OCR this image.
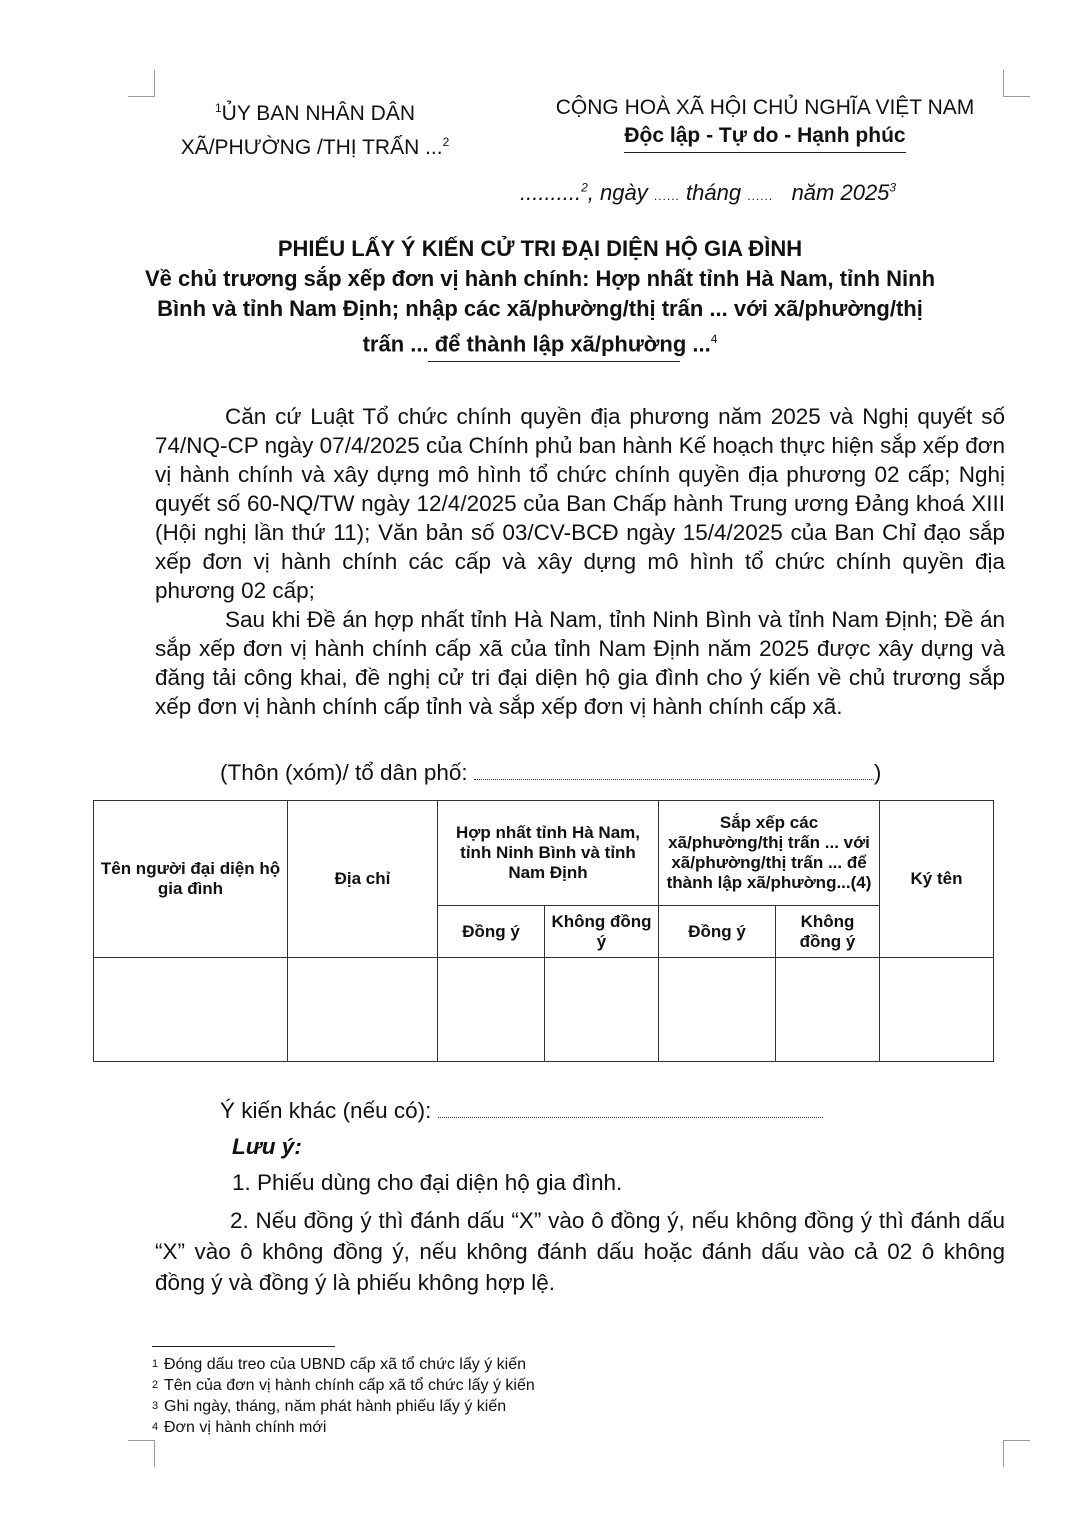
$^1$ỦY BAN NHÂN DÂN
XÃ/PHƯỜNG /THỊ TRẤN ...$^2$
CỘNG HOÀ XÃ HỘI CHỦ NGHĨA VIỆT NAM
Độc lập - Tự do - Hạnh phúc
..........$^2$, ngày ...... tháng ...... năm 2025$^3$
PHIẾU LẤY Ý KIẾN CỬ TRI ĐẠI DIỆN HỘ GIA ĐÌNH
Về chủ trương sắp xếp đơn vị hành chính: Hợp nhất tỉnh Hà Nam, tỉnh Ninh Bình và tỉnh Nam Định; nhập các xã/phường/thị trấn ... với xã/phường/thị trấn ... để thành lập xã/phường ...$^4$

Căn cứ Luật Tổ chức chính quyền địa phương năm 2025 và Nghị quyết số 74/NQ-CP ngày 07/4/2025 của Chính phủ ban hành Kế hoạch thực hiện sắp xếp đơn vị hành chính và xây dựng mô hình tổ chức chính quyền địa phương 02 cấp; Nghị quyết số 60-NQ/TW ngày 12/4/2025 của Ban Chấp hành Trung ương Đảng khoá XIII (Hội nghị lần thứ 11); Văn bản số 03/CV-BCĐ ngày 15/4/2025 của Ban Chỉ đạo sắp xếp đơn vị hành chính các cấp và xây dựng mô hình tổ chức chính quyền địa phương 02 cấp;

Sau khi Đề án hợp nhất tỉnh Hà Nam, tỉnh Ninh Bình và tỉnh Nam Định; Đề án sắp xếp đơn vị hành chính cấp xã của tỉnh Nam Định năm 2025 được xây dựng và đăng tải công khai, đề nghị cử tri đại diện hộ gia đình cho ý kiến về chủ trương sắp xếp đơn vị hành chính cấp tỉnh và sắp xếp đơn vị hành chính cấp xã.

(Thôn (xóm)/ tổ dân phố:	)
Tên người đại diện hộ gia đình	Địa chỉ	Hợp nhất tỉnh Hà Nam, tỉnh Ninh Bình và tỉnh Nam Định		Sắp xếp các xã/phường/thị trấn ... với xã/phường/thị trấn ... để thành lập xã/phường...(4)		Ký tên
		Đồng ý	Không đồng ý	Đồng ý	Không đồng ý	

Ý kiến khác (nếu có):
Lưu ý:
1. Phiếu dùng cho đại diện hộ gia đình.

2. Nếu đồng ý thì đánh dấu “X” vào ô đồng ý, nếu không đồng ý thì đánh dấu “X” vào ô không đồng ý, nếu không đánh dấu hoặc đánh dấu vào cả 02 ô không đồng ý và đồng ý là phiếu không hợp lệ.

1 Đóng dấu treo của UBND cấp xã tổ chức lấy ý kiến
2 Tên của đơn vị hành chính cấp xã tổ chức lấy ý kiến
3 Ghi ngày, tháng, năm phát hành phiếu lấy ý kiến
4 Đơn vị hành chính mới
